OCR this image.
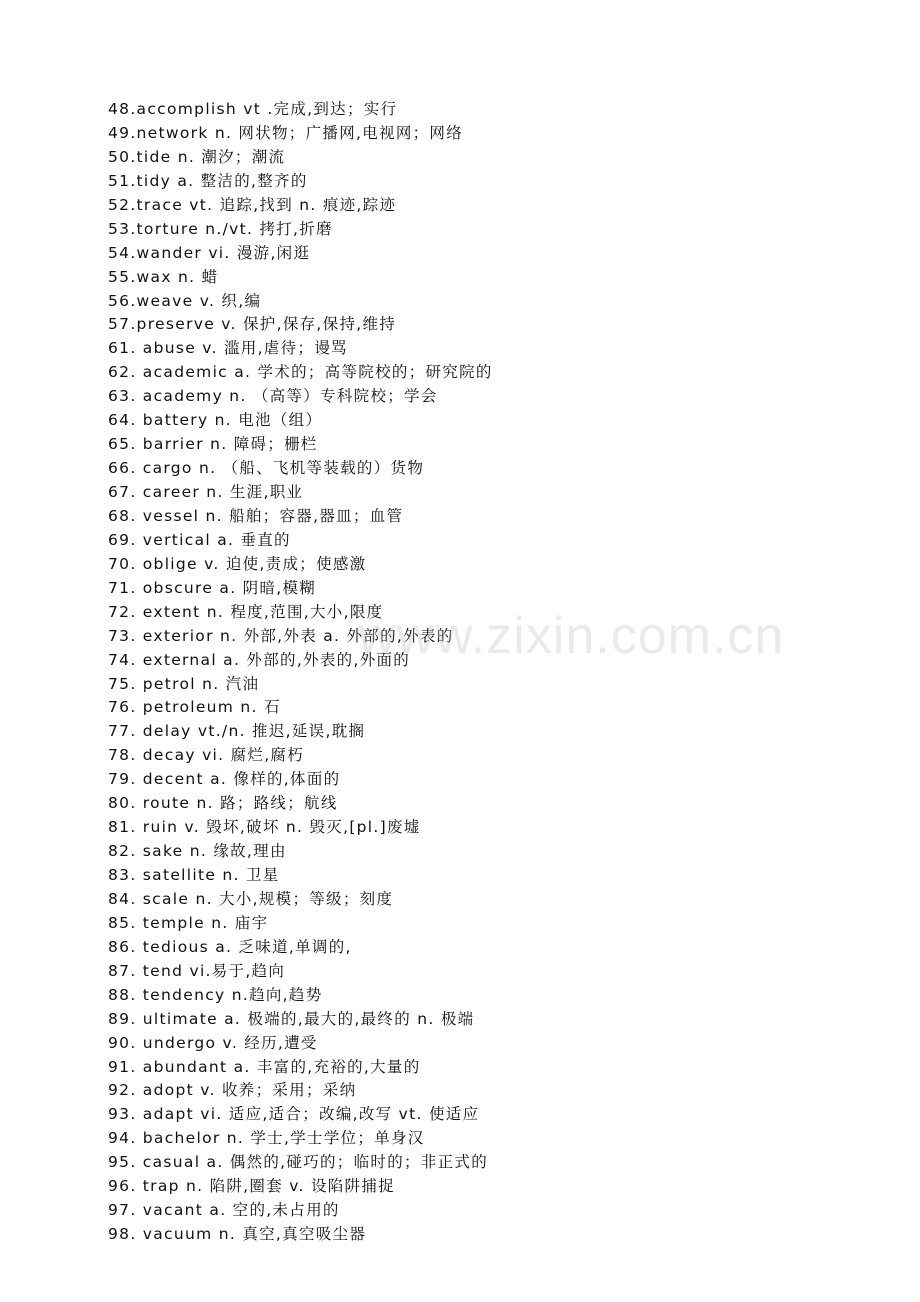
48.accomplish vt .完成,到达；实行
49.network n. 网状物；广播网,电视网；网络
50.tide n. 潮汐；潮流
51.tidy a. 整洁的,整齐的
52.trace vt. 追踪,找到 n. 痕迹,踪迹
53.torture n./vt. 拷打,折磨
54.wander vi. 漫游,闲逛
55.wax n. 蜡
56.weave v. 织,编
57.preserve v. 保护,保存,保持,维持
61. abuse v. 滥用,虐待；谩骂
62. academic a. 学术的；高等院校的；研究院的
63. academy n. （高等）专科院校；学会
64. battery n. 电池（组）
65. barrier n. 障碍；栅栏
66. cargo n. （船、飞机等装载的）货物
67. career n. 生涯,职业
68. vessel n. 船舶；容器,器皿；血管
69. vertical a. 垂直的
70. oblige v. 迫使,责成；使感激
71. obscure a. 阴暗,模糊
72. extent n. 程度,范围,大小,限度
73. exterior n. 外部,外表 a. 外部的,外表的
74. external a. 外部的,外表的,外面的
75. petrol n. 汽油
76. petroleum n. 石
77. delay vt./n. 推迟,延误,耽搁
78. decay vi. 腐烂,腐朽
79. decent a. 像样的,体面的
80. route n. 路；路线；航线
81. ruin v. 毁坏,破坏 n. 毁灭,[pl.]废墟
82. sake n. 缘故,理由
83. satellite n. 卫星
84. scale n. 大小,规模；等级；刻度
85. temple n. 庙宇
86. tedious a. 乏味道,单调的,
87. tend vi.易于,趋向
88. tendency n.趋向,趋势
89. ultimate a. 极端的,最大的,最终的 n. 极端
90. undergo v. 经历,遭受
91. abundant a. 丰富的,充裕的,大量的
92. adopt v. 收养；采用；采纳
93. adapt vi. 适应,适合；改编,改写 vt. 使适应
94. bachelor n. 学士,学士学位；单身汉
95. casual a. 偶然的,碰巧的；临时的；非正式的
96. trap n. 陷阱,圈套 v. 设陷阱捕捉
97. vacant a. 空的,未占用的
98. vacuum n. 真空,真空吸尘器
www.zixin.com.cn
